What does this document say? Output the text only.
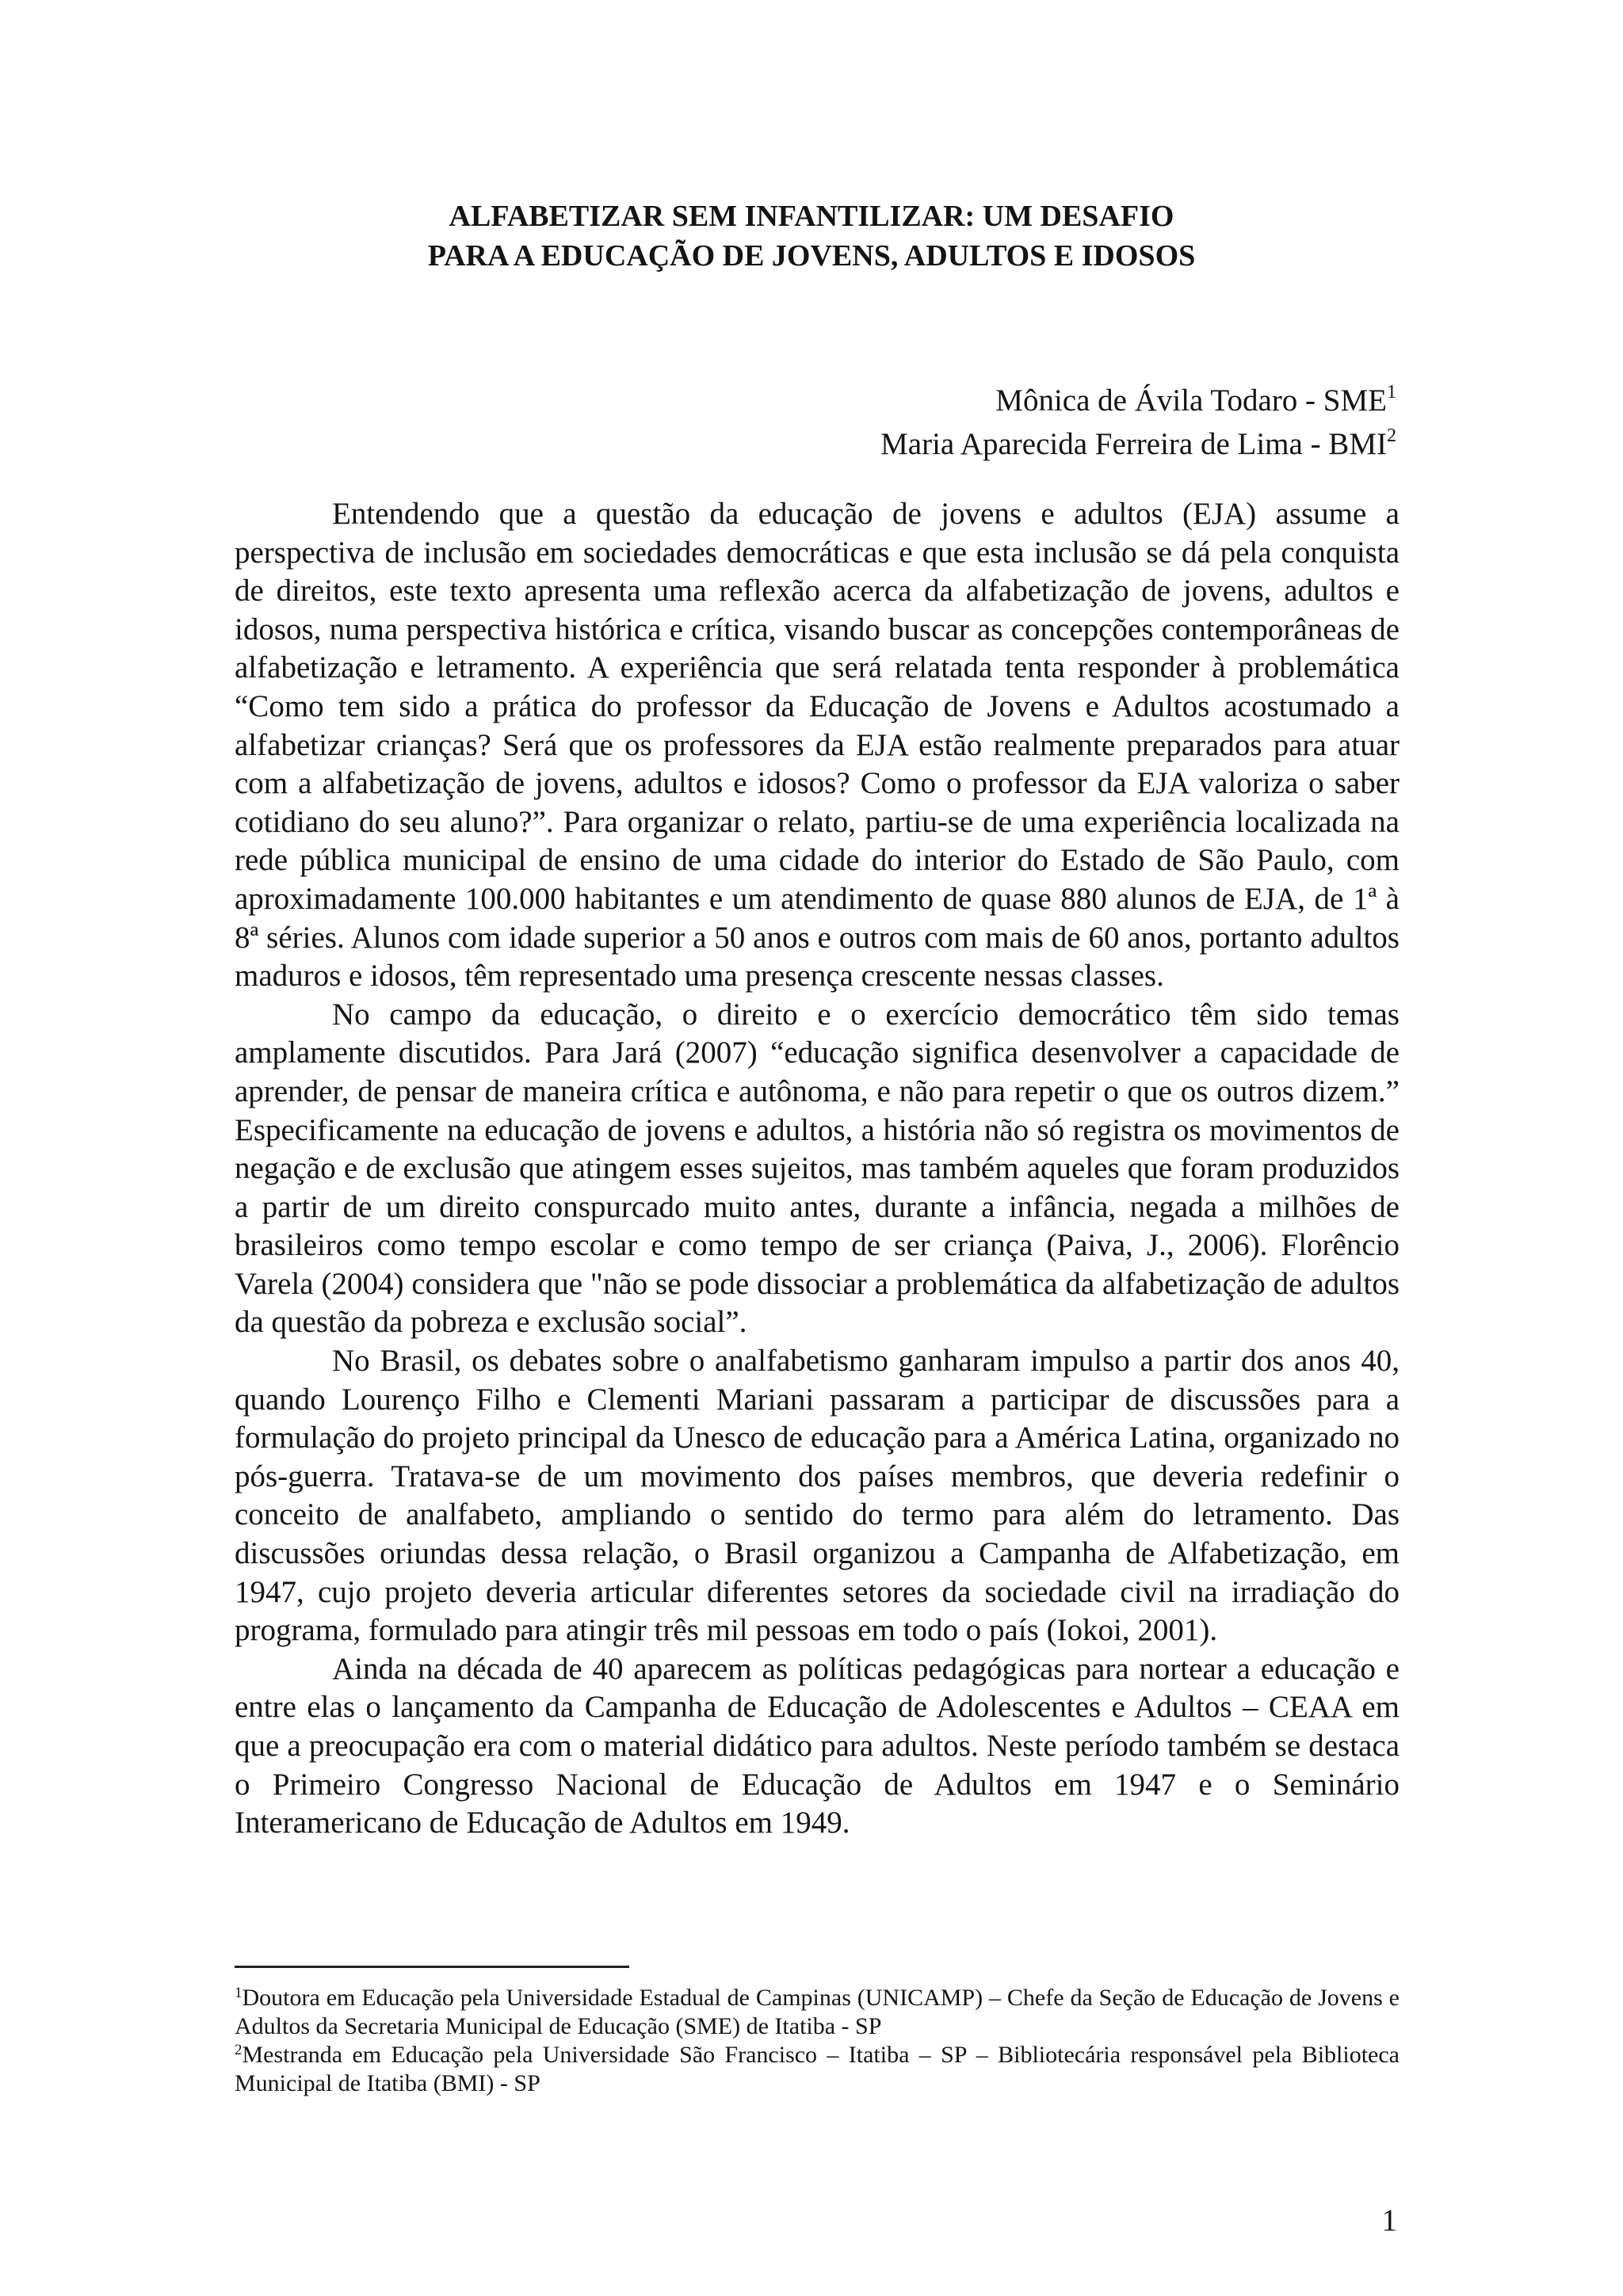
ALFABETIZAR SEM INFANTILIZAR: UM DESAFIO
PARA A EDUCAÇÃO DE JOVENS, ADULTOS E IDOSOS
Mônica de Ávila Todaro - SME$^1$
Maria Aparecida Ferreira de Lima - BMI$^2$

Entendendo que a questão da educação de jovens e adultos (EJA) assume a perspectiva de inclusão em sociedades democráticas e que esta inclusão se dá pela conquista de direitos, este texto apresenta uma reflexão acerca da alfabetização de jovens, adultos e idosos, numa perspectiva histórica e crítica, visando buscar as concepções contemporâneas de alfabetização e letramento. A experiência que será relatada tenta responder à problemática “Como tem sido a prática do professor da Educação de Jovens e Adultos acostumado a alfabetizar crianças? Será que os professores da EJA estão realmente preparados para atuar com a alfabetização de jovens, adultos e idosos? Como o professor da EJA valoriza o saber cotidiano do seu aluno?”. Para organizar o relato, partiu-se de uma experiência localizada na rede pública municipal de ensino de uma cidade do interior do Estado de São Paulo, com aproximadamente 100.000 habitantes e um atendimento de quase 880 alunos de EJA, de 1ª à 8ª séries. Alunos com idade superior a 50 anos e outros com mais de 60 anos, portanto adultos maduros e idosos, têm representado uma presença crescente nessas classes.

No campo da educação, o direito e o exercício democrático têm sido temas amplamente discutidos. Para Jará (2007) “educação significa desenvolver a capacidade de aprender, de pensar de maneira crítica e autônoma, e não para repetir o que os outros dizem.” Especificamente na educação de jovens e adultos, a história não só registra os movimentos de negação e de exclusão que atingem esses sujeitos, mas também aqueles que foram produzidos a partir de um direito conspurcado muito antes, durante a infância, negada a milhões de brasileiros como tempo escolar e como tempo de ser criança (Paiva, J., 2006). Florêncio Varela (2004) considera que "não se pode dissociar a problemática da alfabetização de adultos da questão da pobreza e exclusão social”.

No Brasil, os debates sobre o analfabetismo ganharam impulso a partir dos anos 40, quando Lourenço Filho e Clementi Mariani passaram a participar de discussões para a formulação do projeto principal da Unesco de educação para a América Latina, organizado no pós-guerra. Tratava-se de um movimento dos países membros, que deveria redefinir o conceito de analfabeto, ampliando o sentido do termo para além do letramento. Das discussões oriundas dessa relação, o Brasil organizou a Campanha de Alfabetização, em 1947, cujo projeto deveria articular diferentes setores da sociedade civil na irradiação do programa, formulado para atingir três mil pessoas em todo o país (Iokoi, 2001).

Ainda na década de 40 aparecem as políticas pedagógicas para nortear a educação e entre elas o lançamento da Campanha de Educação de Adolescentes e Adultos – CEAA em que a preocupação era com o material didático para adultos. Neste período também se destaca o Primeiro Congresso Nacional de Educação de Adultos em 1947 e o Seminário Interamericano de Educação de Adultos em 1949.

$^1$Doutora em Educação pela Universidade Estadual de Campinas (UNICAMP) – Chefe da Seção de Educação de Jovens e Adultos da Secretaria Municipal de Educação (SME) de Itatiba - SP

$^2$Mestranda em Educação pela Universidade São Francisco – Itatiba – SP – Bibliotecária responsável pela Biblioteca Municipal de Itatiba (BMI) - SP

1
